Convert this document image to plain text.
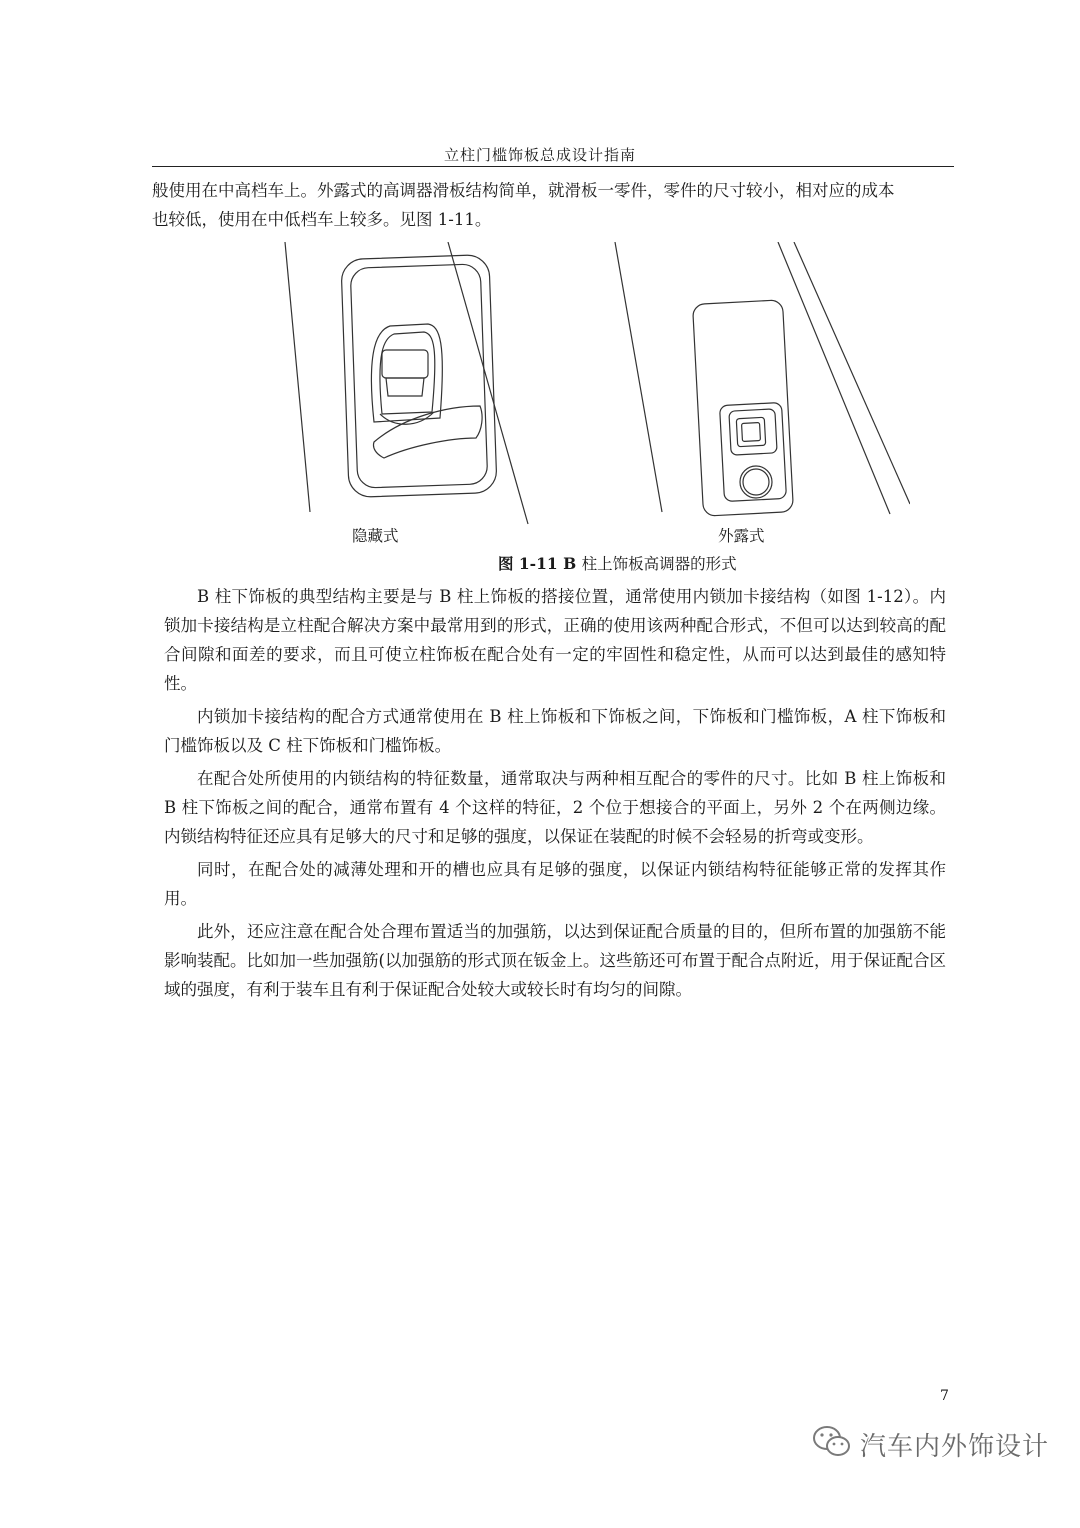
立柱门槛饰板总成设计指南
般使用在中高档车上。外露式的高调器滑板结构简单，就滑板一零件，零件的尺寸较小，相对应的成本
也较低，使用在中低档车上较多。见图 1-11。
隐藏式	外露式
图 1-11 B 柱上饰板高调器的形式

B 柱下饰板的典型结构主要是与 B 柱上饰板的搭接位置，通常使用内锁加卡接结构（如图 1-12）。内锁加卡接结构是立柱配合解决方案中最常用到的形式，正确的使用该两种配合形式，不但可以达到较高的配合间隙和面差的要求，而且可使立柱饰板在配合处有一定的牢固性和稳定性，从而可以达到最佳的感知特性。

内锁加卡接结构的配合方式通常使用在 B 柱上饰板和下饰板之间，下饰板和门槛饰板，A 柱下饰板和门槛饰板以及 C 柱下饰板和门槛饰板。

在配合处所使用的内锁结构的特征数量，通常取决与两种相互配合的零件的尺寸。比如 B 柱上饰板和 B 柱下饰板之间的配合，通常布置有 4 个这样的特征，2 个位于想接合的平面上，另外 2 个在两侧边缘。内锁结构特征还应具有足够大的尺寸和足够的强度，以保证在装配的时候不会轻易的折弯或变形。

同时，在配合处的减薄处理和开的槽也应具有足够的强度，以保证内锁结构特征能够正常的发挥其作用。

此外，还应注意在配合处合理布置适当的加强筋，以达到保证配合质量的目的，但所布置的加强筋不能影响装配。比如加一些加强筋(以加强筋的形式顶在钣金上。这些筋还可布置于配合点附近，用于保证配合区域的强度，有利于装车且有利于保证配合处较大或较长时有均匀的间隙。

7
汽车内外饰设计
